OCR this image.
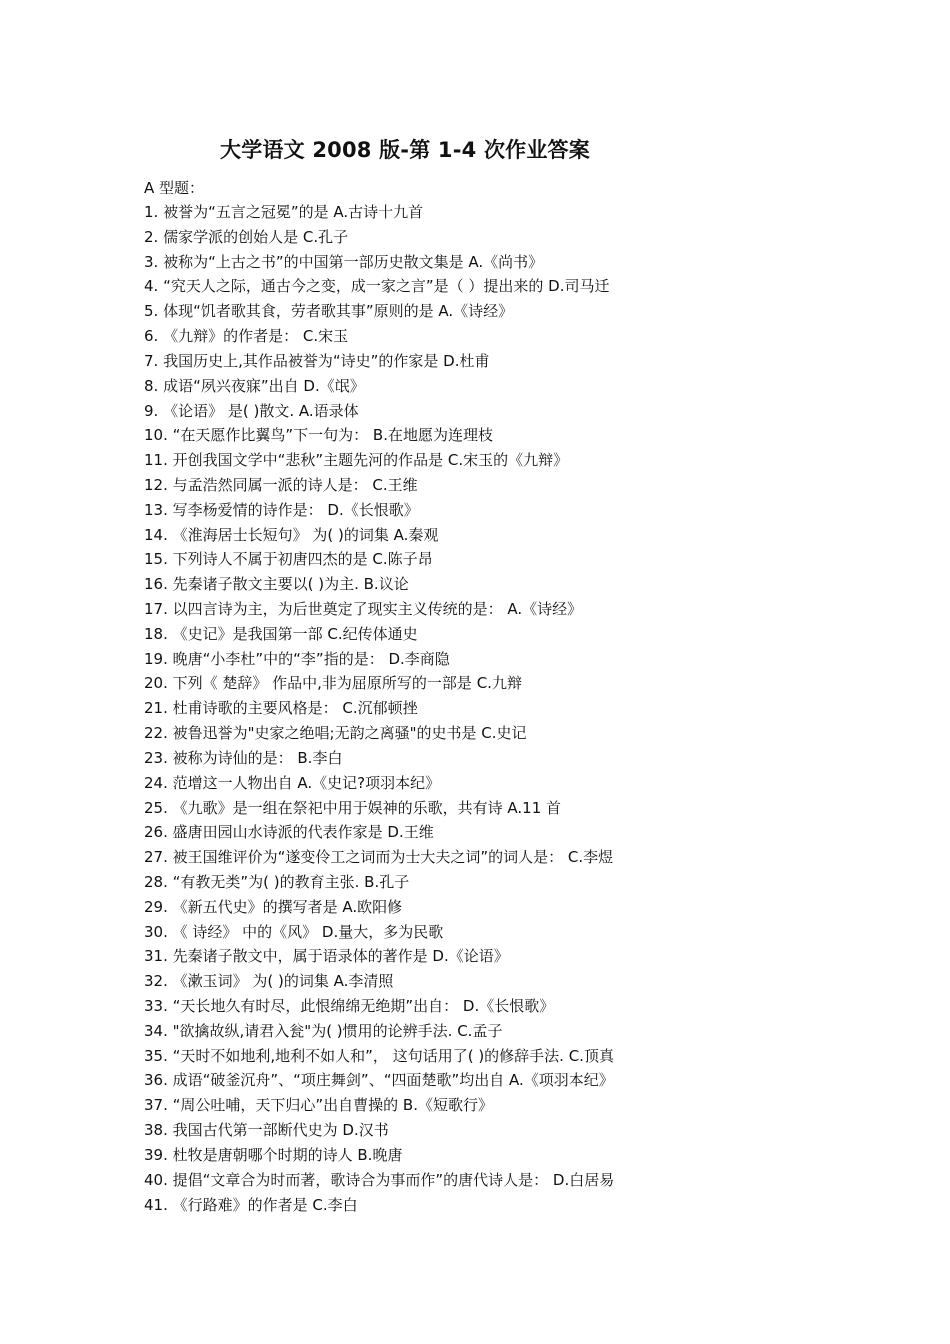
大学语文 2008 版-第 1-4 次作业答案
A 型题：
1. 被誉为“五言之冠冕”的是 A.古诗十九首
2. 儒家学派的创始人是 C.孔子
3. 被称为“上古之书”的中国第一部历史散文集是 A.《尚书》
4. “究天人之际，通古今之变，成一家之言”是（ ）提出来的 D.司马迁
5. 体现“饥者歌其食，劳者歌其事”原则的是 A.《诗经》
6. 《九辩》的作者是： C.宋玉
7. 我国历史上,其作品被誉为“诗史”的作家是 D.杜甫
8. 成语“夙兴夜寐”出自 D.《氓》
9. 《论语》 是( )散文. A.语录体
10. “在天愿作比翼鸟”下一句为： B.在地愿为连理枝
11. 开创我国文学中“悲秋”主题先河的作品是 C.宋玉的《九辩》
12. 与孟浩然同属一派的诗人是： C.王维
13. 写李杨爱情的诗作是： D.《长恨歌》
14. 《淮海居士长短句》 为( )的词集 A.秦观
15. 下列诗人不属于初唐四杰的是 C.陈子昂
16. 先秦诸子散文主要以( )为主. B.议论
17. 以四言诗为主，为后世奠定了现实主义传统的是： A.《诗经》
18. 《史记》是我国第一部 C.纪传体通史
19. 晚唐“小李杜”中的“李”指的是： D.李商隐
20. 下列《 楚辞》 作品中,非为屈原所写的一部是 C.九辩
21. 杜甫诗歌的主要风格是： C.沉郁顿挫
22. 被鲁迅誉为"史家之绝唱;无韵之离骚"的史书是 C.史记
23. 被称为诗仙的是： B.李白
24. 范增这一人物出自 A.《史记?项羽本纪》
25. 《九歌》是一组在祭祀中用于娱神的乐歌，共有诗 A.11 首
26. 盛唐田园山水诗派的代表作家是 D.王维
27. 被王国维评价为“遂变伶工之词而为士大夫之词”的词人是： C.李煜
28. “有教无类”为( )的教育主张. B.孔子
29. 《新五代史》的撰写者是 A.欧阳修
30. 《 诗经》 中的《风》 D.量大，多为民歌
31. 先秦诸子散文中，属于语录体的著作是 D.《论语》
32. 《漱玉词》 为( )的词集 A.李清照
33. “天长地久有时尽，此恨绵绵无绝期”出自： D.《长恨歌》
34. "欲擒故纵,请君入瓮"为( )惯用的论辨手法. C.孟子
35. “天时不如地利,地利不如人和”， 这句话用了( )的修辞手法. C.顶真
36. 成语“破釜沉舟”、“项庄舞剑”、“四面楚歌”均出自 A.《项羽本纪》
37. “周公吐哺，天下归心”出自曹操的 B.《短歌行》
38. 我国古代第一部断代史为 D.汉书
39. 杜牧是唐朝哪个时期的诗人 B.晚唐
40. 提倡“文章合为时而著，歌诗合为事而作”的唐代诗人是： D.白居易
41. 《行路难》的作者是 C.李白
